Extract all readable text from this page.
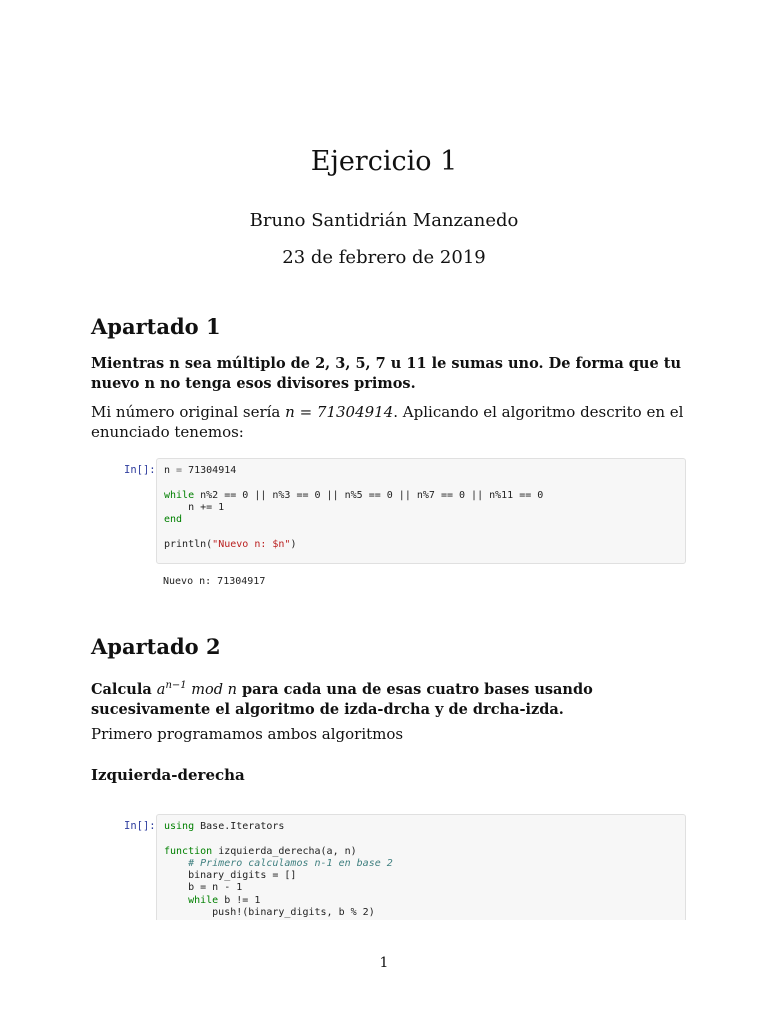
Ejercicio 1
Bruno Santidrián Manzanedo
23 de febrero de 2019
Apartado 1

Mientras n sea múltiplo de 2, 3, 5, 7 u 11 le sumas uno. De forma que tu nuevo n no tenga esos divisores primos.

Mi número original sería n = 71304914. Aplicando el algoritmo descrito en el enunciado tenemos:

In[]: n = 71304914
while n%2 == 0 || n%3 == 0 || n%5 == 0 || n%7 == 0 || n%11 == 0
n += 1
end
println("Nuevo n: $n")
Nuevo n: 71304917
Apartado 2

Calcula $a^{n-1}$ mod n para cada una de esas cuatro bases usando sucesivamente el algoritmo de izda-drcha y de drcha-izda.

Primero programamos ambos algoritmos

Izquierda-derecha
In[]: using Base.Iterators
function izquierda_derecha(a, n)
# Primero calculamos n-1 en base 2
binary_digits = []
b = n - 1
while b != 1
push!(binary_digits, b % 2)
1
